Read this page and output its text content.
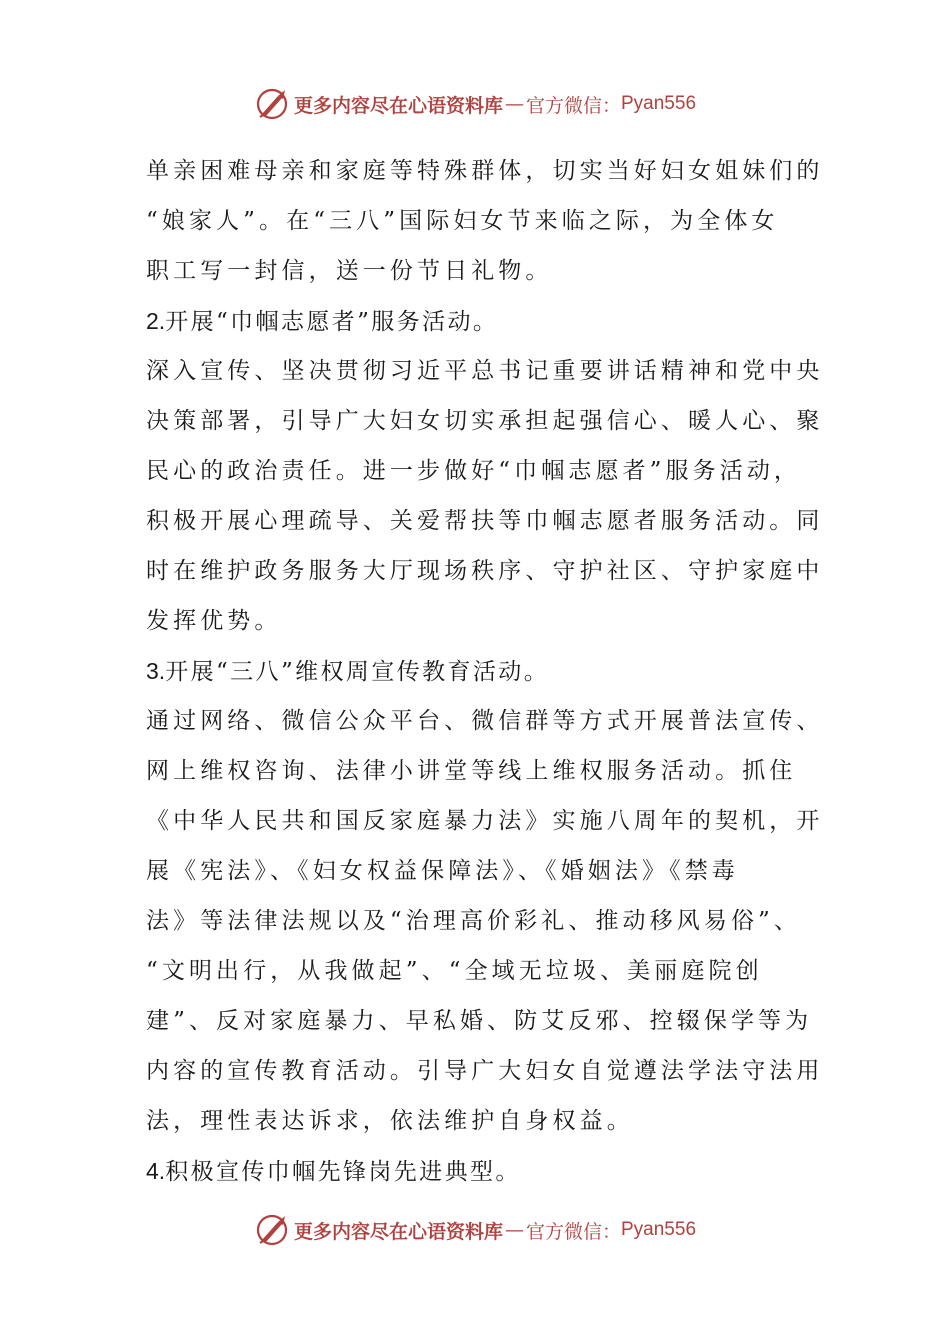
更多内容尽在心语资料库 — 官方微信： Pyan556
单亲困难母亲和家庭等特殊群体，切实当好妇女姐妹们的
“娘家人”。在“三八”国际妇女节来临之际，为全体女
职工写一封信，送一份节日礼物。
2.开展“巾帼志愿者”服务活动。
深入宣传、坚决贯彻习近平总书记重要讲话精神和党中央
决策部署，引导广大妇女切实承担起强信心、暖人心、聚
民心的政治责任。进一步做好“巾帼志愿者”服务活动，
积极开展心理疏导、关爱帮扶等巾帼志愿者服务活动。同
时在维护政务服务大厅现场秩序、守护社区、守护家庭中
发挥优势。
3.开展“三八”维权周宣传教育活动。
通过网络、微信公众平台、微信群等方式开展普法宣传、
网上维权咨询、法律小讲堂等线上维权服务活动。抓住
《中华人民共和国反家庭暴力法》实施八周年的契机，开
展《宪法》、《妇女权益保障法》、《婚姻法》《禁毒
法》等法律法规以及“治理高价彩礼、推动移风易俗”、
“文明出行，从我做起”、“全域无垃圾、美丽庭院创
建”、反对家庭暴力、早私婚、防艾反邪、控辍保学等为
内容的宣传教育活动。引导广大妇女自觉遵法学法守法用
法，理性表达诉求，依法维护自身权益。
4.积极宣传巾帼先锋岗先进典型。
更多内容尽在心语资料库 — 官方微信： Pyan556
